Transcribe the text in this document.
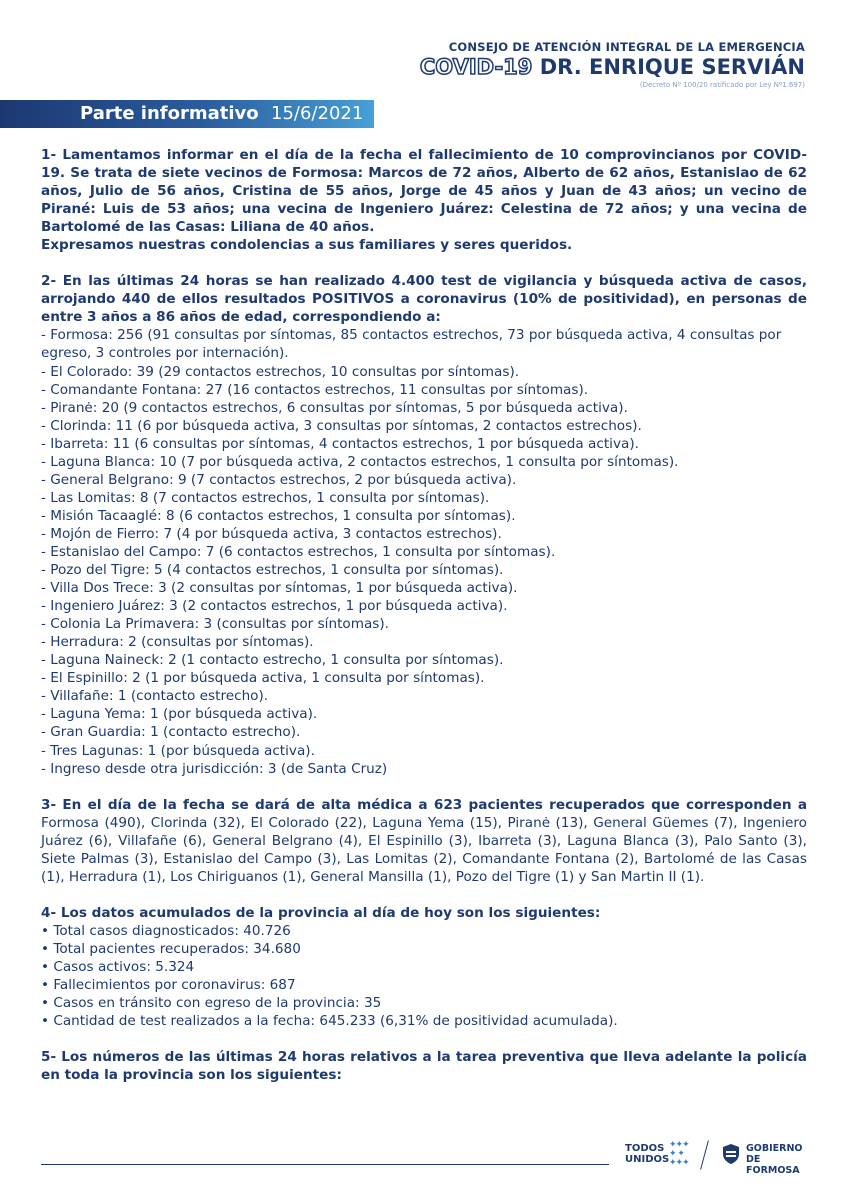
CONSEJO DE ATENCIÓN INTEGRAL DE LA EMERGENCIA
COVID-19 DR. ENRIQUE SERVIÁN
(Decreto Nº 100/20 ratificado por Ley Nº1.697)
Parte informativo 15/6/2021

1- Lamentamos informar en el día de la fecha el fallecimiento de 10 comprovincianos por COVID-19. Se trata de siete vecinos de Formosa: Marcos de 72 años, Alberto de 62 años, Estanislao de 62 años, Julio de 56 años, Cristina de 55 años, Jorge de 45 años y Juan de 43 años; un vecino de Pirané: Luis de 53 años; una vecina de Ingeniero Juárez: Celestina de 72 años; y una vecina de Bartolomé de las Casas: Liliana de 40 años.

Expresamos nuestras condolencias a sus familiares y seres queridos.

2- En las últimas 24 horas se han realizado 4.400 test de vigilancia y búsqueda activa de casos, arrojando 440 de ellos resultados POSITIVOS a coronavirus (10% de positividad), en personas de entre 3 años a 86 años de edad, correspondiendo a:

- Formosa: 256 (91 consultas por síntomas, 85 contactos estrechos, 73 por búsqueda activa, 4 consultas por egreso, 3 controles por internación).

- El Colorado: 39 (29 contactos estrechos, 10 consultas por síntomas).

- Comandante Fontana: 27 (16 contactos estrechos, 11 consultas por síntomas).

- Piranė: 20 (9 contactos estrechos, 6 consultas por síntomas, 5 por búsqueda activa).

- Clorinda: 11 (6 por búsqueda activa, 3 consultas por síntomas, 2 contactos estrechos).

- Ibarreta: 11 (6 consultas por síntomas, 4 contactos estrechos, 1 por búsqueda activa).

- Laguna Blanca: 10 (7 por búsqueda activa, 2 contactos estrechos, 1 consulta por síntomas).

- General Belgrano: 9 (7 contactos estrechos, 2 por búsqueda activa).

- Las Lomitas: 8 (7 contactos estrechos, 1 consulta por síntomas).

- Misión Tacaaglé: 8 (6 contactos estrechos, 1 consulta por síntomas).

- Mojón de Fierro: 7 (4 por búsqueda activa, 3 contactos estrechos).

- Estanislao del Campo: 7 (6 contactos estrechos, 1 consulta por síntomas).

- Pozo del Tigre: 5 (4 contactos estrechos, 1 consulta por síntomas).

- Villa Dos Trece: 3 (2 consultas por síntomas, 1 por búsqueda activa).

- Ingeniero Juárez: 3 (2 contactos estrechos, 1 por búsqueda activa).

- Colonia La Primavera: 3 (consultas por síntomas).

- Herradura: 2 (consultas por síntomas).

- Laguna Naineck: 2 (1 contacto estrecho, 1 consulta por síntomas).

- El Espinillo: 2 (1 por búsqueda activa, 1 consulta por síntomas).

- Villafañe: 1 (contacto estrecho).

- Laguna Yema: 1 (por búsqueda activa).

- Gran Guardia: 1 (contacto estrecho).

- Tres Lagunas: 1 (por búsqueda activa).

- Ingreso desde otra jurisdicción: 3 (de Santa Cruz)

3- En el día de la fecha se dará de alta médica a 623 pacientes recuperados que corresponden a Formosa (490), Clorinda (32), El Colorado (22), Laguna Yema (15), Piranė (13), General Güemes (7), Ingeniero Juárez (6), Villafañe (6), General Belgrano (4), El Espinillo (3), Ibarreta (3), Laguna Blanca (3), Palo Santo (3), Siete Palmas (3), Estanislao del Campo (3), Las Lomitas (2), Comandante Fontana (2), Bartolomé de las Casas (1), Herradura (1), Los Chiriguanos (1), General Mansilla (1), Pozo del Tigre (1) y San Martin II (1).

4- Los datos acumulados de la provincia al día de hoy son los siguientes:

• Total casos diagnosticados: 40.726

• Total pacientes recuperados: 34.680

• Casos activos: 5.324

• Fallecimientos por coronavirus: 687

• Casos en tránsito con egreso de la provincia: 35

• Cantidad de test realizados a la fecha: 645.233 (6,31% de positividad acumulada).

5- Los números de las últimas 24 horas relativos a la tarea preventiva que lleva adelante la policía en toda la provincia son los siguientes:

TODOS
UNIDOS
✦✦✦
✦ ✦
✦✦✦
GOBIERNO
DE FORMOSA
